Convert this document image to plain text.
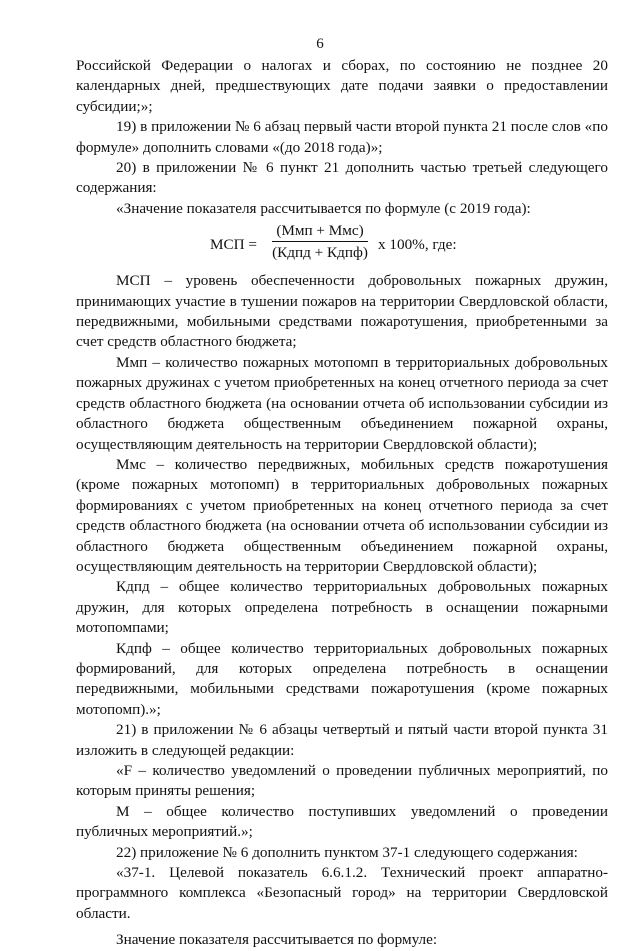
6

Российской Федерации о налогах и сборах, по состоянию не позднее 20 календарных дней, предшествующих дате подачи заявки о предоставлении субсидии;»;

19) в приложении № 6 абзац первый части второй пункта 21 после слов «по формуле» дополнить словами «(до 2018 года)»;

20) в приложении № 6 пункт 21 дополнить частью третьей следующего содержания:

«Значение показателя рассчитывается по формуле (с 2019 года):

МСП =
(Ммп + Ммс)
(Кдпд + Кдпф) x 100%, где:

МСП – уровень обеспеченности добровольных пожарных дружин, принимающих участие в тушении пожаров на территории Свердловской области, передвижными, мобильными средствами пожаротушения, приобретенными за счет средств областного бюджета;

Ммп – количество пожарных мотопомп в территориальных добровольных пожарных дружинах с учетом приобретенных на конец отчетного периода за счет средств областного бюджета (на основании отчета об использовании субсидии из областного бюджета общественным объединением пожарной охраны, осуществляющим деятельность на территории Свердловской области);

Ммс – количество передвижных, мобильных средств пожаротушения (кроме пожарных мотопомп) в территориальных добровольных пожарных формированиях с учетом приобретенных на конец отчетного периода за счет средств областного бюджета (на основании отчета об использовании субсидии из областного бюджета общественным объединением пожарной охраны, осуществляющим деятельность на территории Свердловской области);

Кдпд – общее количество территориальных добровольных пожарных дружин, для которых определена потребность в оснащении пожарными мотопомпами;

Кдпф – общее количество территориальных добровольных пожарных формирований, для которых определена потребность в оснащении передвижными, мобильными средствами пожаротушения (кроме пожарных мотопомп).»;

21) в приложении № 6 абзацы четвертый и пятый части второй пункта 31 изложить в следующей редакции:

«F – количество уведомлений о проведении публичных мероприятий, по которым приняты решения;

М – общее количество поступивших уведомлений о проведении публичных мероприятий.»;

22) приложение № 6 дополнить пунктом 37-1 следующего содержания:

«37-1. Целевой показатель 6.6.1.2. Технический проект аппаратно-программного комплекса «Безопасный город» на территории Свердловской области.

Значение показателя рассчитывается по формуле:
